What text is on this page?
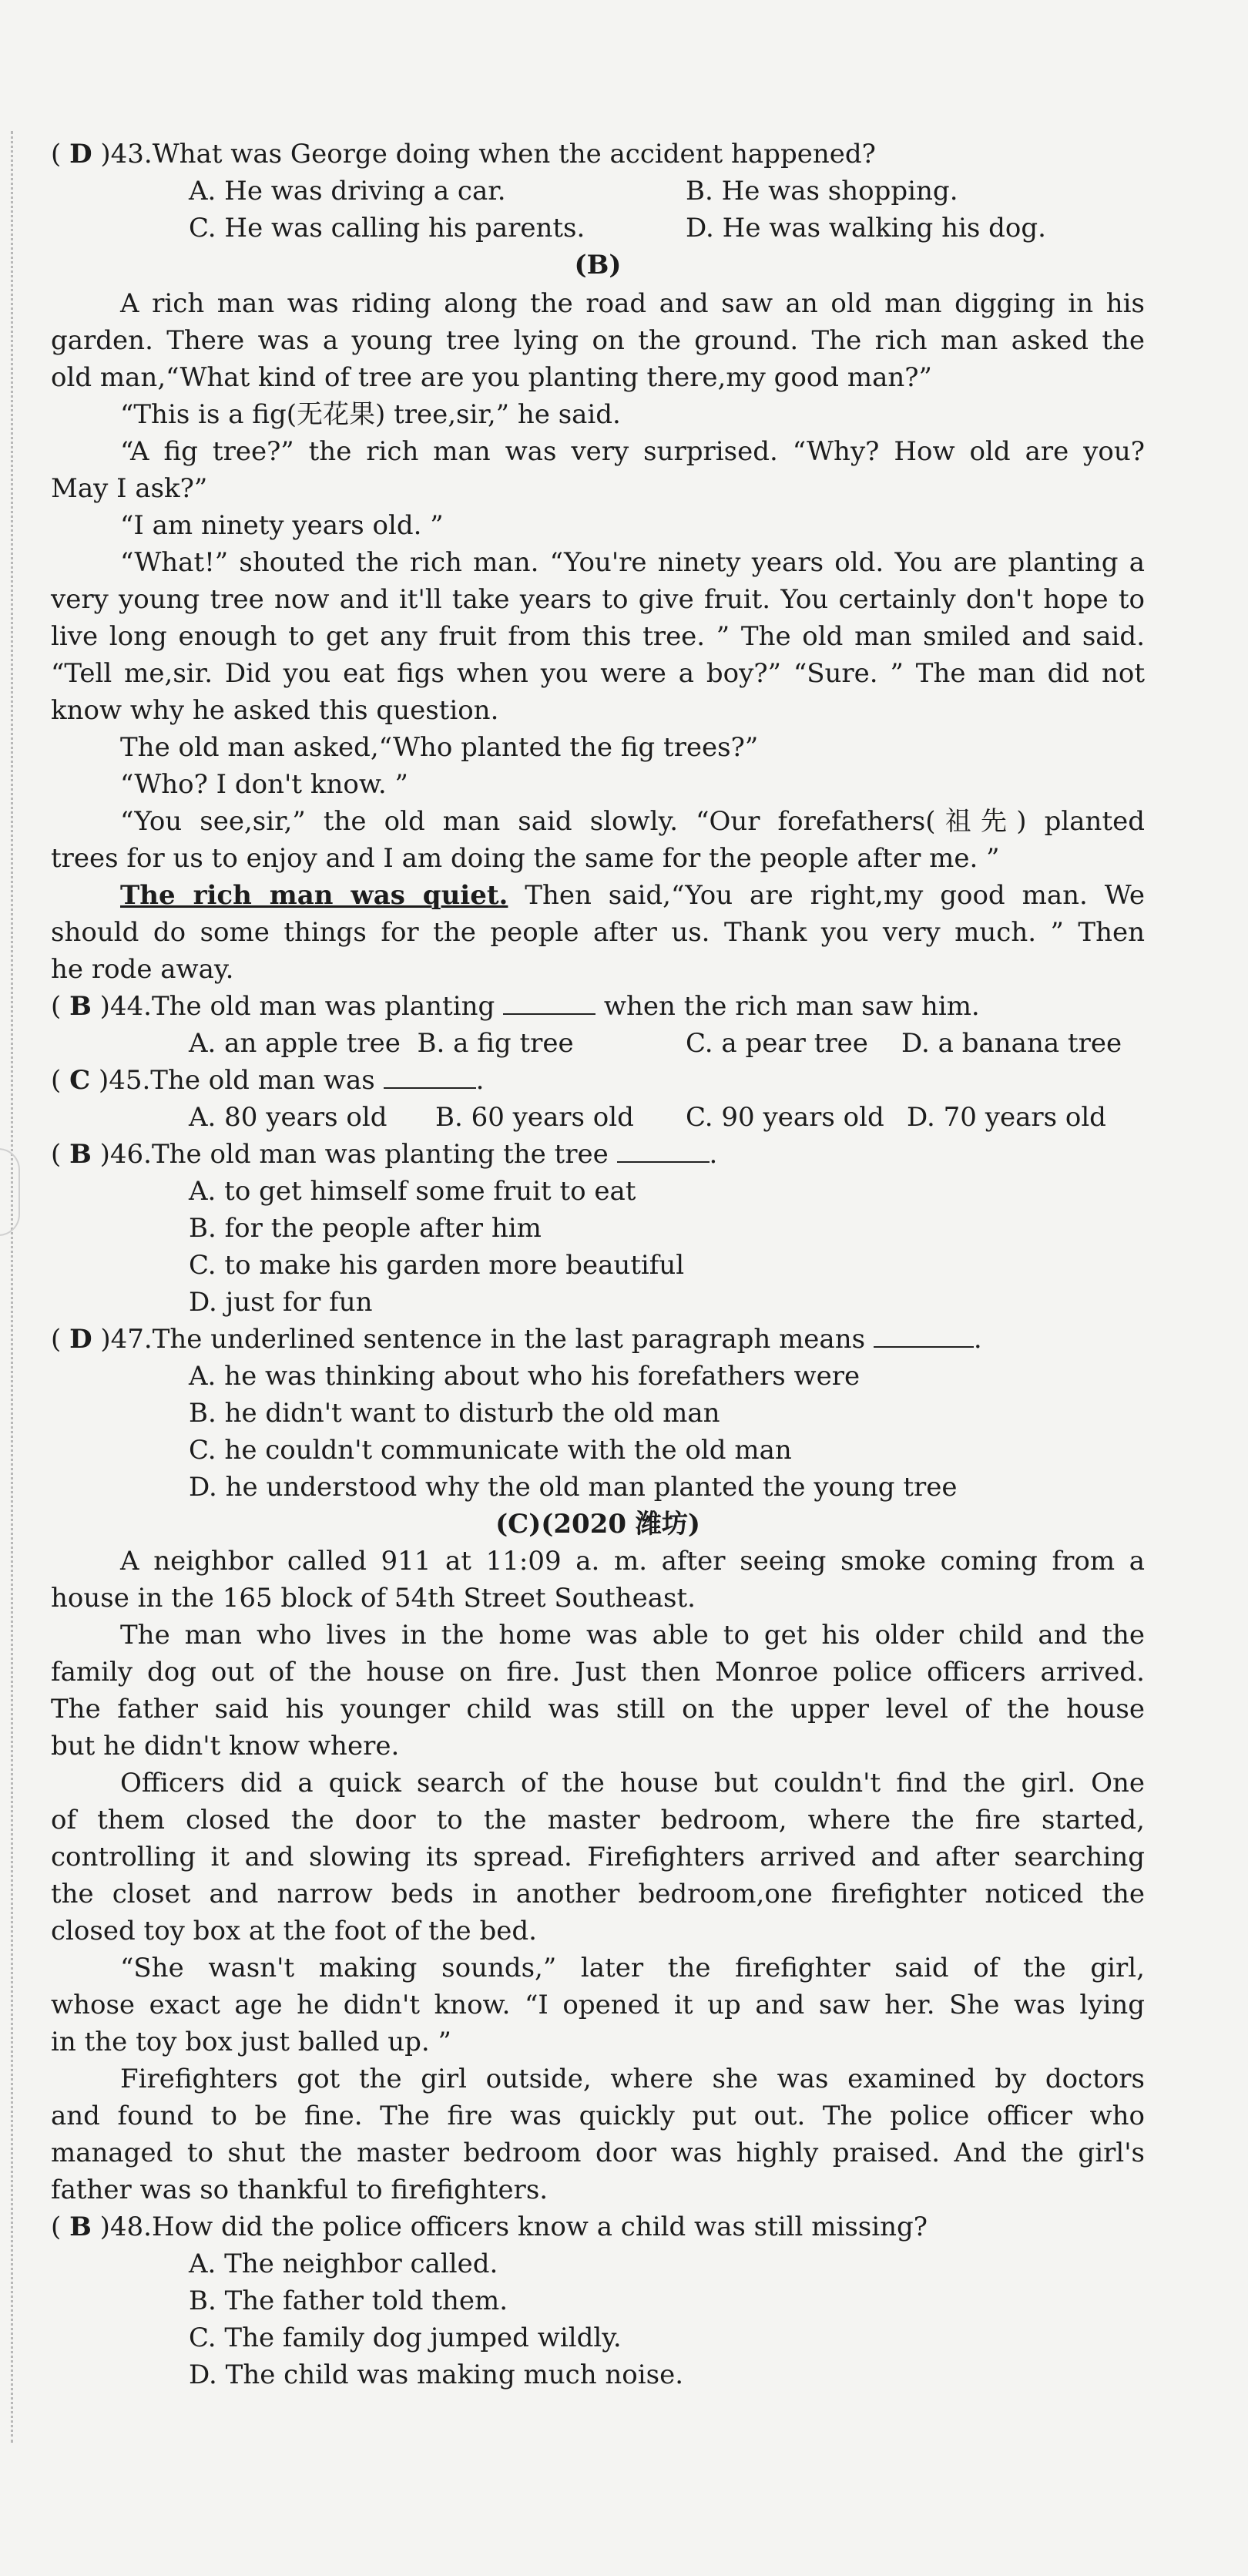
( D )43.What was George doing when the accident happened?
A. He was driving a car.	B. He was shopping.
C. He was calling his parents.	D. He was walking his dog.
(B)
A rich man was riding along the road and saw an old man digging in his
garden. There was a young tree lying on the ground. The rich man asked the
old man,“What kind of tree are you planting there,my good man?”
“This is a fig(无花果) tree,sir,” he said.
“A fig tree?” the rich man was very surprised. “Why? How old are you?
May I ask?”
“I am ninety years old. ”
“What!” shouted the rich man. “You're ninety years old. You are planting a
very young tree now and it'll take years to give fruit. You certainly don't hope to
live long enough to get any fruit from this tree. ” The old man smiled and said.
“Tell me,sir. Did you eat figs when you were a boy?” “Sure. ” The man did not
know why he asked this question.
The old man asked,“Who planted the fig trees?”
“Who? I don't know. ”
“You see,sir,” the old man said slowly. “Our forefathers(祖先) planted
trees for us to enjoy and I am doing the same for the people after me. ”
The rich man was quiet. Then said,“You are right,my good man. We
should do some things for the people after us. Thank you very much. ” Then
he rode away.
( B )44.The old man was planting	when the rich man saw him.
A. an apple tree B. a fig tree	C. a pear tree D. a banana tree
( C )45.The old man was	.
A. 80 years old B. 60 years old C. 90 years old D. 70 years old
( B )46.The old man was planting the tree	.
A. to get himself some fruit to eat
B. for the people after him
C. to make his garden more beautiful
D. just for fun
( D )47.The underlined sentence in the last paragraph means	.
A. he was thinking about who his forefathers were
B. he didn't want to disturb the old man
C. he couldn't communicate with the old man
D. he understood why the old man planted the young tree
(C)(2020 潍坊)
A neighbor called 911 at 11:09 a. m. after seeing smoke coming from a
house in the 165 block of 54th Street Southeast.
The man who lives in the home was able to get his older child and the
family dog out of the house on fire. Just then Monroe police officers arrived.
The father said his younger child was still on the upper level of the house
but he didn't know where.
Officers did a quick search of the house but couldn't find the girl. One
of them closed the door to the master bedroom, where the fire started,
controlling it and slowing its spread. Firefighters arrived and after searching
the closet and narrow beds in another bedroom,one firefighter noticed the
closed toy box at the foot of the bed.
“She wasn't making sounds,” later the firefighter said of the girl,
whose exact age he didn't know. “I opened it up and saw her. She was lying
in the toy box just balled up. ”
Firefighters got the girl outside, where she was examined by doctors
and found to be fine. The fire was quickly put out. The police officer who
managed to shut the master bedroom door was highly praised. And the girl's
father was so thankful to firefighters.
( B )48.How did the police officers know a child was still missing?
A. The neighbor called.
B. The father told them.
C. The family dog jumped wildly.
D. The child was making much noise.
